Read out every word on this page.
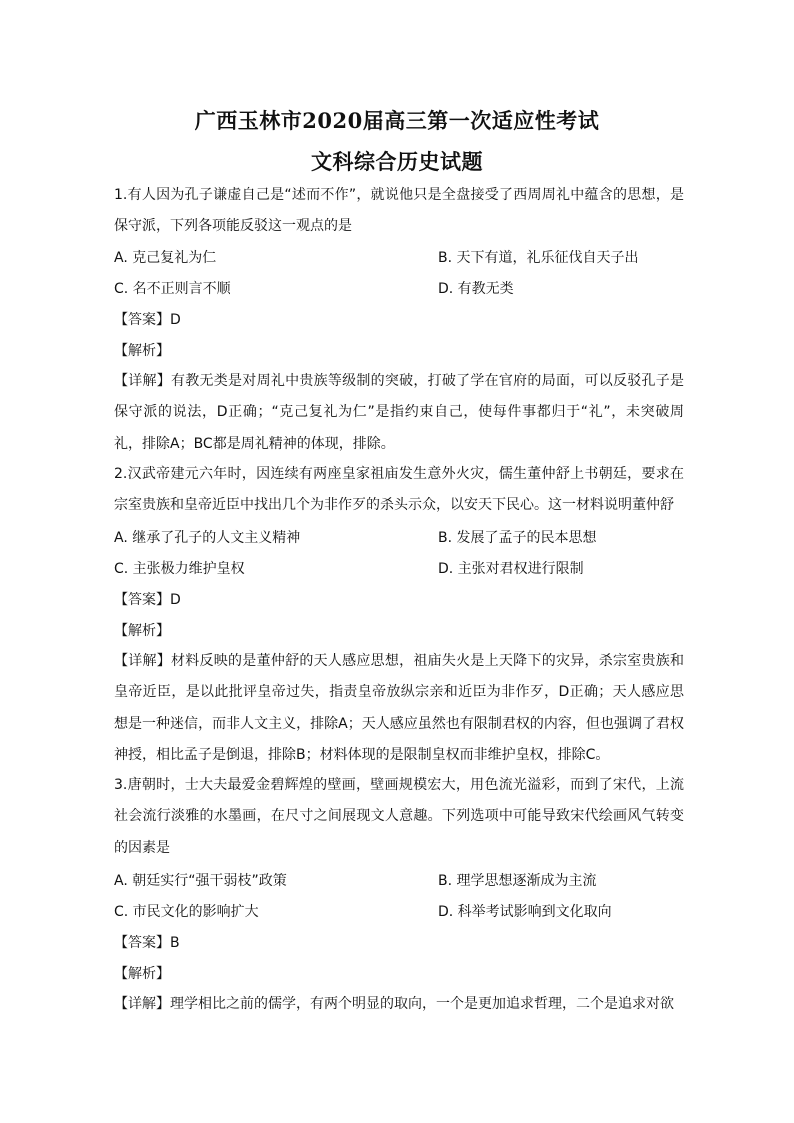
广西玉林市2020届高三第一次适应性考试
文科综合历史试题

1.有人因为孔子谦虚自己是“述而不作”，就说他只是全盘接受了西周周礼中蕴含的思想，是保守派，下列各项能反驳这一观点的是

A. 克己复礼为仁	B. 天下有道，礼乐征伐自天子出
C. 名不正则言不顺	D. 有教无类
【答案】D
【解析】

【详解】有教无类是对周礼中贵族等级制的突破，打破了学在官府的局面，可以反驳孔子是保守派的说法，D正确；“克己复礼为仁”是指约束自己，使每件事都归于“礼”，未突破周礼，排除A；BC都是周礼精神的体现，排除。

2.汉武帝建元六年时，因连续有两座皇家祖庙发生意外火灾，儒生董仲舒上书朝廷，要求在宗室贵族和皇帝近臣中找出几个为非作歹的杀头示众，以安天下民心。这一材料说明董仲舒

A. 继承了孔子的人文主义精神	B. 发展了孟子的民本思想
C. 主张极力维护皇权	D. 主张对君权进行限制
【答案】D
【解析】

【详解】材料反映的是董仲舒的天人感应思想，祖庙失火是上天降下的灾异，杀宗室贵族和皇帝近臣，是以此批评皇帝过失，指责皇帝放纵宗亲和近臣为非作歹，D正确；天人感应思想是一种迷信，而非人文主义，排除A；天人感应虽然也有限制君权的内容，但也强调了君权神授，相比孟子是倒退，排除B；材料体现的是限制皇权而非维护皇权，排除C。

3.唐朝时，士大夫最爱金碧辉煌的壁画，壁画规模宏大，用色流光溢彩，而到了宋代，上流社会流行淡雅的水墨画，在尺寸之间展现文人意趣。下列选项中可能导致宋代绘画风气转变的因素是

A. 朝廷实行“强干弱枝”政策	B. 理学思想逐渐成为主流
C. 市民文化的影响扩大	D. 科举考试影响到文化取向
【答案】B
【解析】

【详解】理学相比之前的儒学，有两个明显的取向，一个是更加追求哲理，二个是追求对欲
